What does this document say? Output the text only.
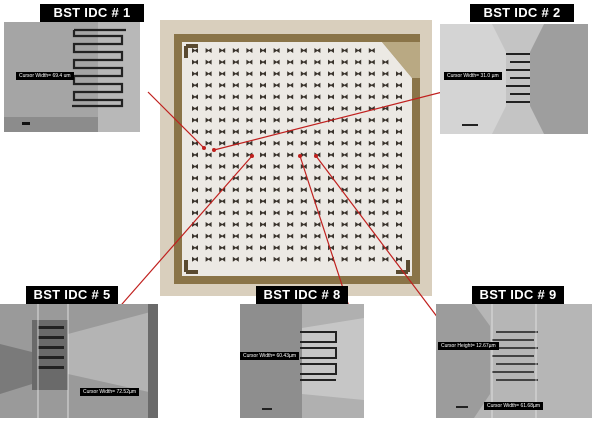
BST IDC # 1
Cursor Width= 69.4 um
BST IDC # 2
Cursor Width= 31.0 µm
BST IDC # 5
Cursor Width= 72.52µm
BST IDC # 8
Cursor Width= 60.43µm
BST IDC # 9
Cursor Height= 12.67µm
Cursor Width= 61.68µm
